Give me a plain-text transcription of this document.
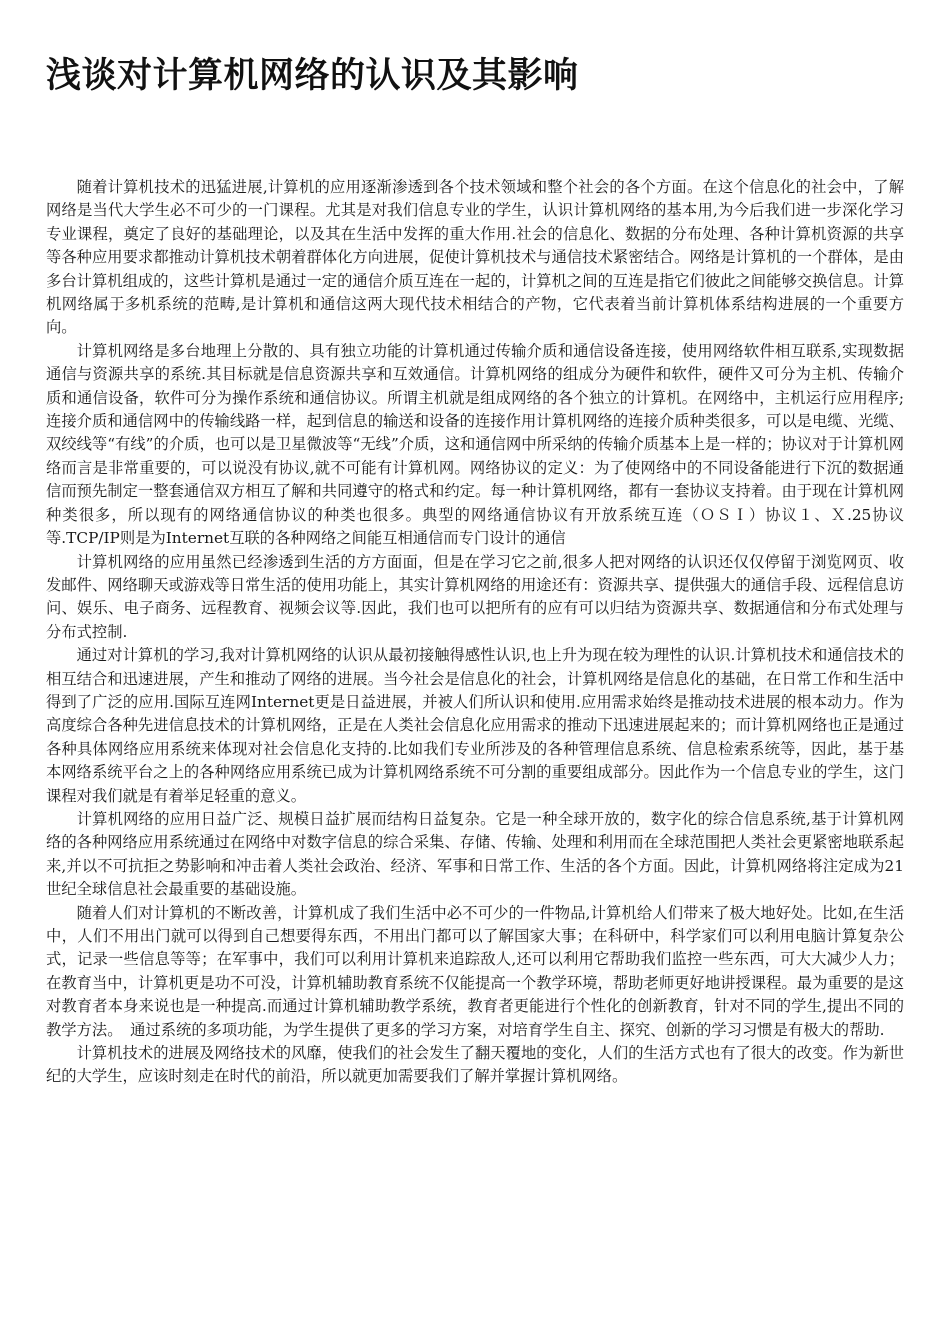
浅谈对计算机网络的认识及其影响

随着计算机技术的迅猛进展,计算机的应用逐渐渗透到各个技术领域和整个社会的各个方面。在这个信息化的社会中，了解网络是当代大学生必不可少的一门课程。尤其是对我们信息专业的学生，认识计算机网络的基本用,为今后我们进一步深化学习专业课程，奠定了良好的基础理论，以及其在生活中发挥的重大作用.社会的信息化、数据的分布处理、各种计算机资源的共享等各种应用要求都推动计算机技术朝着群体化方向进展，促使计算机技术与通信技术紧密结合。网络是计算机的一个群体，是由多台计算机组成的，这些计算机是通过一定的通信介质互连在一起的，计算机之间的互连是指它们彼此之间能够交换信息。计算机网络属于多机系统的范畴,是计算机和通信这两大现代技术相结合的产物，它代表着当前计算机体系结构进展的一个重要方向。

计算机网络是多台地理上分散的、具有独立功能的计算机通过传输介质和通信设备连接，使用网络软件相互联系,实现数据通信与资源共享的系统.其目标就是信息资源共享和互效通信。计算机网络的组成分为硬件和软件，硬件又可分为主机、传输介质和通信设备，软件可分为操作系统和通信协议。所谓主机就是组成网络的各个独立的计算机。在网络中，主机运行应用程序;连接介质和通信网中的传输线路一样，起到信息的输送和设备的连接作用计算机网络的连接介质种类很多，可以是电缆、光缆、双绞线等“有线”的介质，也可以是卫星微波等“无线”介质，这和通信网中所采纳的传输介质基本上是一样的；协议对于计算机网络而言是非常重要的，可以说没有协议,就不可能有计算机网。网络协议的定义：为了使网络中的不同设备能进行下沉的数据通信而预先制定一整套通信双方相互了解和共同遵守的格式和约定。每一种计算机网络，都有一套协议支持着。由于现在计算机网种类很多，所以现有的网络通信协议的种类也很多。典型的网络通信协议有开放系统互连（ＯＳＩ）协议１、Ｘ.25协议等.TCP/IP则是为Internet互联的各种网络之间能互相通信而专门设计的通信

计算机网络的应用虽然已经渗透到生活的方方面面，但是在学习它之前,很多人把对网络的认识还仅仅停留于浏览网页、收发邮件、网络聊天或游戏等日常生活的使用功能上，其实计算机网络的用途还有：资源共享、提供强大的通信手段、远程信息访问、娱乐、电子商务、远程教育、视频会议等.因此，我们也可以把所有的应有可以归结为资源共享、数据通信和分布式处理与分布式控制.

通过对计算机的学习,我对计算机网络的认识从最初接触得感性认识,也上升为现在较为理性的认识.计算机技术和通信技术的相互结合和迅速进展，产生和推动了网络的进展。当今社会是信息化的社会，计算机网络是信息化的基础，在日常工作和生活中得到了广泛的应用.国际互连网Internet更是日益进展，并被人们所认识和使用.应用需求始终是推动技术进展的根本动力。作为高度综合各种先进信息技术的计算机网络，正是在人类社会信息化应用需求的推动下迅速进展起来的；而计算机网络也正是通过各种具体网络应用系统来体现对社会信息化支持的.比如我们专业所涉及的各种管理信息系统、信息检索系统等，因此，基于基本网络系统平台之上的各种网络应用系统已成为计算机网络系统不可分割的重要组成部分。因此作为一个信息专业的学生，这门课程对我们就是有着举足轻重的意义。

计算机网络的应用日益广泛、规模日益扩展而结构日益复杂。它是一种全球开放的，数字化的综合信息系统,基于计算机网络的各种网络应用系统通过在网络中对数字信息的综合采集、存储、传输、处理和利用而在全球范围把人类社会更紧密地联系起来,并以不可抗拒之势影响和冲击着人类社会政治、经济、军事和日常工作、生活的各个方面。因此，计算机网络将注定成为21世纪全球信息社会最重要的基础设施。

随着人们对计算机的不断改善，计算机成了我们生活中必不可少的一件物品,计算机给人们带来了极大地好处。比如,在生活中，人们不用出门就可以得到自己想要得东西，不用出门都可以了解国家大事；在科研中，科学家们可以利用电脑计算复杂公式，记录一些信息等等；在军事中，我们可以利用计算机来追踪敌人,还可以利用它帮助我们监控一些东西，可大大减少人力；在教育当中，计算机更是功不可没，计算机辅助教育系统不仅能提高一个教学环境，帮助老师更好地讲授课程。最为重要的是这对教育者本身来说也是一种提高.而通过计算机辅助教学系统，教育者更能进行个性化的创新教育，针对不同的学生,提出不同的教学方法。　通过系统的多项功能，为学生提供了更多的学习方案，对培育学生自主、探究、创新的学习习惯是有极大的帮助.

计算机技术的进展及网络技术的风靡，使我们的社会发生了翻天覆地的变化，人们的生活方式也有了很大的改变。作为新世纪的大学生，应该时刻走在时代的前沿，所以就更加需要我们了解并掌握计算机网络。
